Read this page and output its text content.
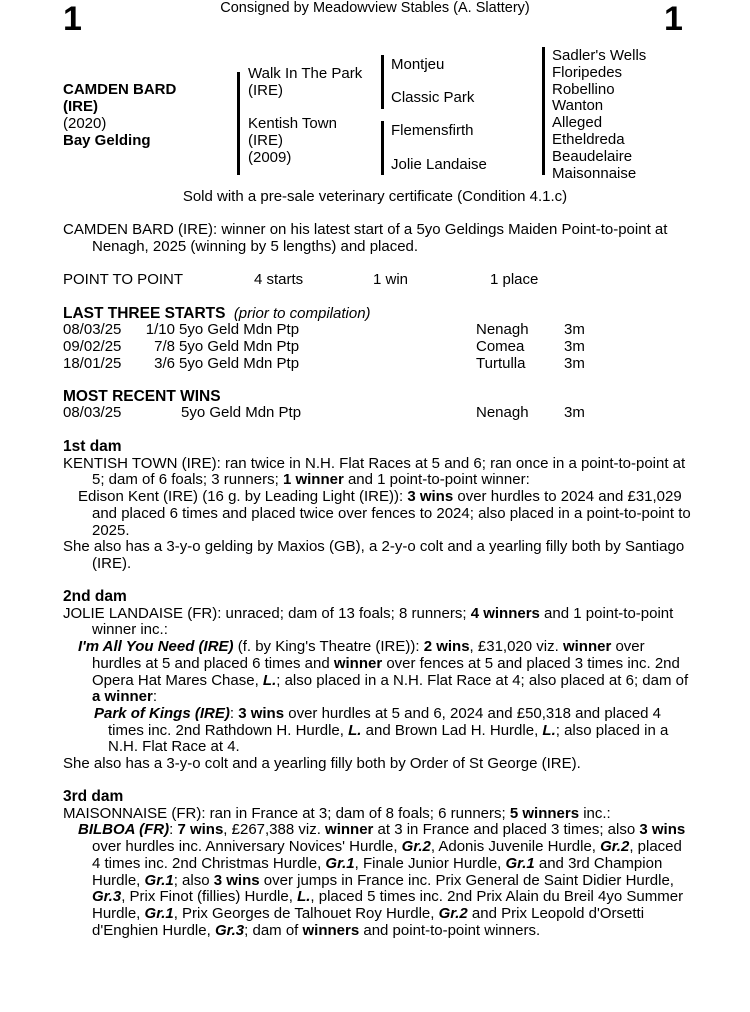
1	1
Consigned by Meadowview Stables (A. Slattery)
CAMDEN BARD
(IRE)
(2020)
Bay Gelding
Walk In The Park
(IRE)
Kentish Town
(IRE)
(2009)
Montjeu
Classic Park
Flemensfirth
Jolie Landaise
Sadler's Wells
Floripedes
Robellino
Wanton
Alleged
Etheldreda
Beaudelaire
Maisonnaise
Sold with a pre-sale veterinary certificate (Condition 4.1.c)

CAMDEN BARD (IRE): winner on his latest start of a 5yo Geldings Maiden Point-to-point at Nenagh, 2025 (winning by 5 lengths) and placed.

POINT TO POINT	4 starts	1 win	1 place
LAST THREE STARTS (prior to compilation)
08/03/25	1/10	5yo Geld Mdn Ptp	Nenagh	3m
09/02/25	7/8	5yo Geld Mdn Ptp	Comea	3m
18/01/25	3/6	5yo Geld Mdn Ptp	Turtulla	3m
MOST RECENT WINS
08/03/25	5yo Geld Mdn Ptp	Nenagh	3m
1st dam

KENTISH TOWN (IRE): ran twice in N.H. Flat Races at 5 and 6; ran once in a point-to-point at 5; dam of 6 foals; 3 runners; 1 winner and 1 point-to-point winner:

Edison Kent (IRE) (16 g. by Leading Light (IRE)): 3 wins over hurdles to 2024 and £31,029 and placed 6 times and placed twice over fences to 2024; also placed in a point-to-point to 2025.

She also has a 3-y-o gelding by Maxios (GB), a 2-y-o colt and a yearling filly both by Santiago (IRE).

2nd dam

JOLIE LANDAISE (FR): unraced; dam of 13 foals; 8 runners; 4 winners and 1 point-to-point winner inc.:

I'm All You Need (IRE) (f. by King's Theatre (IRE)): 2 wins, £31,020 viz. winner over hurdles at 5 and placed 6 times and winner over fences at 5 and placed 3 times inc. 2nd Opera Hat Mares Chase, L.; also placed in a N.H. Flat Race at 4; also placed at 6; dam of a winner:

Park of Kings (IRE): 3 wins over hurdles at 5 and 6, 2024 and £50,318 and placed 4 times inc. 2nd Rathdown H. Hurdle, L. and Brown Lad H. Hurdle, L.; also placed in a N.H. Flat Race at 4.

She also has a 3-y-o colt and a yearling filly both by Order of St George (IRE).

3rd dam

MAISONNAISE (FR): ran in France at 3; dam of 8 foals; 6 runners; 5 winners inc.:

BILBOA (FR): 7 wins, £267,388 viz. winner at 3 in France and placed 3 times; also 3 wins over hurdles inc. Anniversary Novices' Hurdle, Gr.2, Adonis Juvenile Hurdle, Gr.2, placed 4 times inc. 2nd Christmas Hurdle, Gr.1, Finale Junior Hurdle, Gr.1 and 3rd Champion Hurdle, Gr.1; also 3 wins over jumps in France inc. Prix General de Saint Didier Hurdle, Gr.3, Prix Finot (fillies) Hurdle, L., placed 5 times inc. 2nd Prix Alain du Breil 4yo Summer Hurdle, Gr.1, Prix Georges de Talhouet Roy Hurdle, Gr.2 and Prix Leopold d'Orsetti d'Enghien Hurdle, Gr.3; dam of winners and point-to-point winners.
